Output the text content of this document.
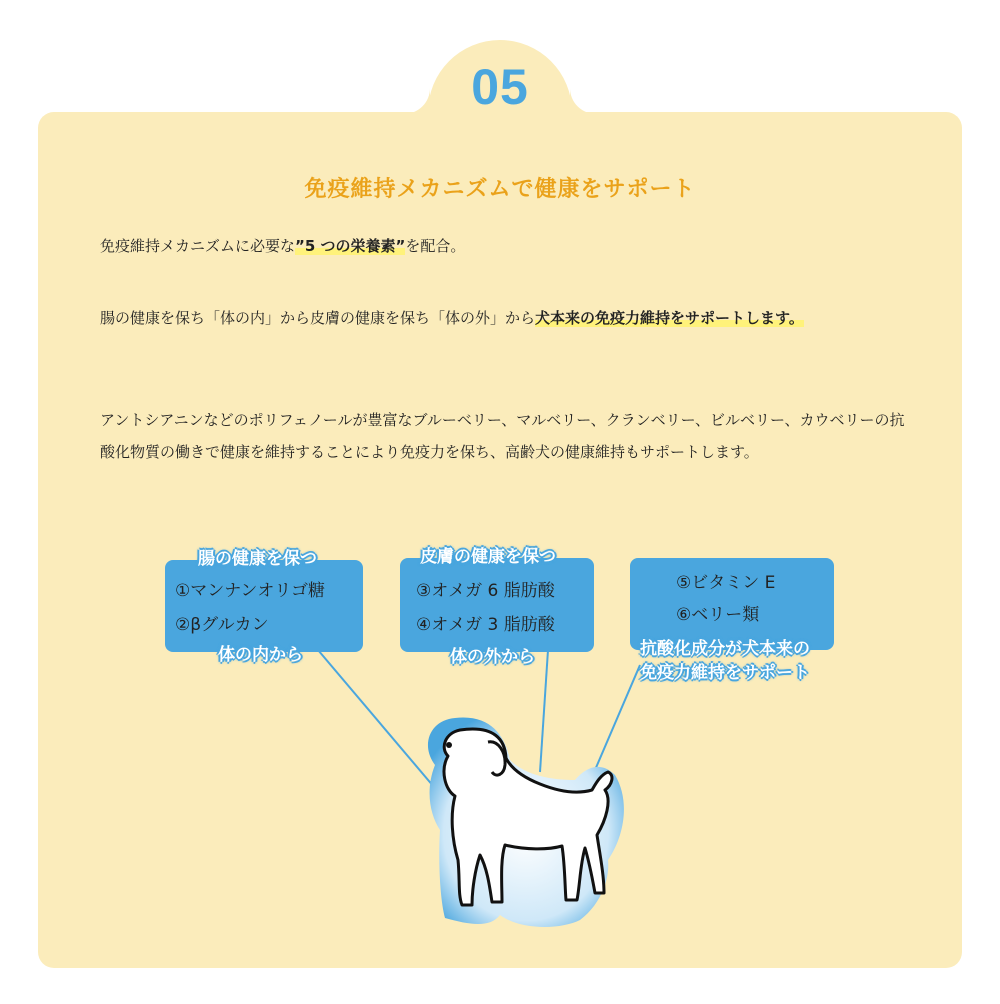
05
免疫維持メカニズムで健康をサポート
免疫維持メカニズムに必要な”5 つの栄養素”を配合。
腸の健康を保ち「体の内」から皮膚の健康を保ち「体の外」から犬本来の免疫力維持をサポートします。
アントシアニンなどのポリフェノールが豊富なブルーベリー、マルベリー、クランベリー、ビルベリー、カウベリーの抗酸化物質の働きで健康を維持することにより免疫力を保ち、高齢犬の健康維持もサポートします。
①マンナンオリゴ糖
②βグルカン
腸の健康を保つ
体の内から
③オメガ 6 脂肪酸
④オメガ 3 脂肪酸
皮膚の健康を保つ
体の外から
⑤ビタミン E
⑥ベリー類
抗酸化成分が犬本来の
免疫力維持をサポート
